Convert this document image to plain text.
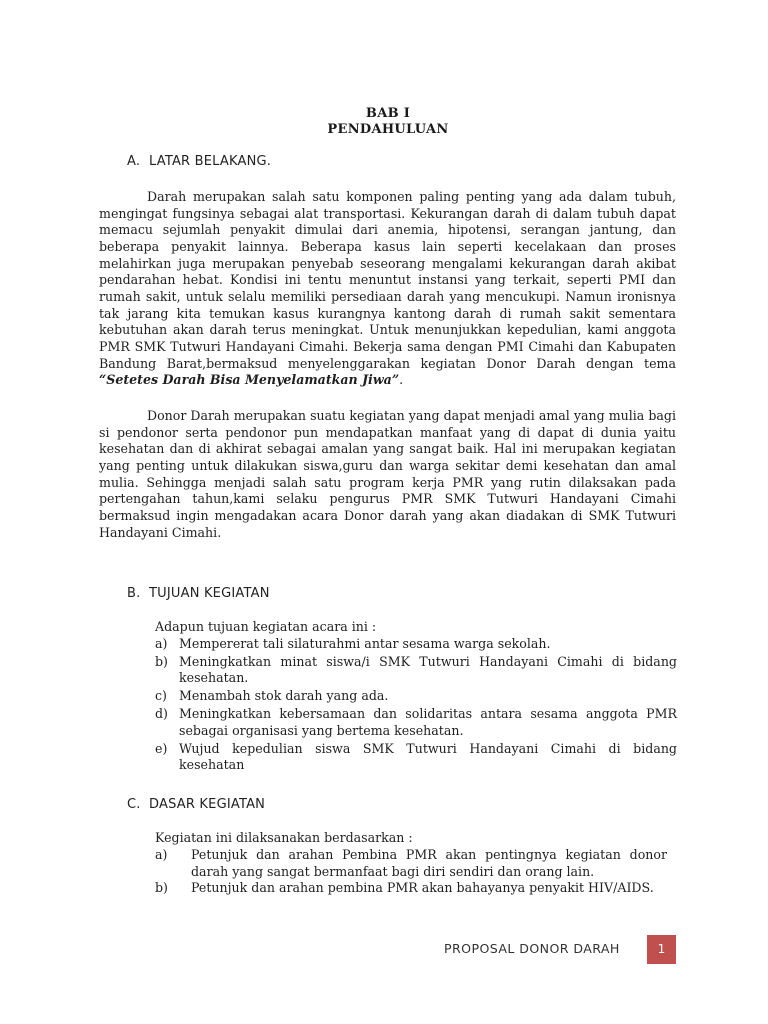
BAB I
PENDAHULUAN
A. LATAR BELAKANG.

Darah merupakan salah satu komponen paling penting yang ada dalam tubuh, mengingat fungsinya sebagai alat transportasi. Kekurangan darah di dalam tubuh dapat memacu sejumlah penyakit dimulai dari anemia, hipotensi, serangan jantung, dan beberapa penyakit lainnya. Beberapa kasus lain seperti kecelakaan dan proses melahirkan juga merupakan penyebab seseorang mengalami kekurangan darah akibat pendarahan hebat. Kondisi ini tentu menuntut instansi yang terkait, seperti PMI dan rumah sakit, untuk selalu memiliki persediaan darah yang mencukupi. Namun ironisnya tak jarang kita temukan kasus kurangnya kantong darah di rumah sakit sementara kebutuhan akan darah terus meningkat. Untuk menunjukkan kepedulian, kami anggota PMR SMK Tutwuri Handayani Cimahi. Bekerja sama dengan PMI Cimahi dan Kabupaten Bandung Barat,bermaksud menyelenggarakan kegiatan Donor Darah dengan tema “Setetes Darah Bisa Menyelamatkan Jiwa”.

Donor Darah merupakan suatu kegiatan yang dapat menjadi amal yang mulia bagi si pendonor serta pendonor pun mendapatkan manfaat yang di dapat di dunia yaitu kesehatan dan di akhirat sebagai amalan yang sangat baik. Hal ini merupakan kegiatan yang penting untuk dilakukan siswa,guru dan warga sekitar demi kesehatan dan amal mulia. Sehingga menjadi salah satu program kerja PMR yang rutin dilaksakan pada pertengahan tahun,kami selaku pengurus PMR SMK Tutwuri Handayani Cimahi bermaksud ingin mengadakan acara Donor darah yang akan diadakan di SMK Tutwuri Handayani Cimahi.

B. TUJUAN KEGIATAN
Adapun tujuan kegiatan acara ini :
a) Mempererat tali silaturahmi antar sesama warga sekolah.
b) Meningkatkan minat siswa/i SMK Tutwuri Handayani Cimahi di bidang kesehatan.
c) Menambah stok darah yang ada.
d) Meningkatkan kebersamaan dan solidaritas antara sesama anggota PMR sebagai organisasi yang bertema kesehatan.
e) Wujud kepedulian siswa SMK Tutwuri Handayani Cimahi di bidang kesehatan
C. DASAR KEGIATAN
Kegiatan ini dilaksanakan berdasarkan :
a) Petunjuk dan arahan Pembina PMR akan pentingnya kegiatan donor darah yang sangat bermanfaat bagi diri sendiri dan orang lain.
b) Petunjuk dan arahan pembina PMR akan bahayanya penyakit HIV/AIDS.
PROPOSAL DONOR DARAH	1
